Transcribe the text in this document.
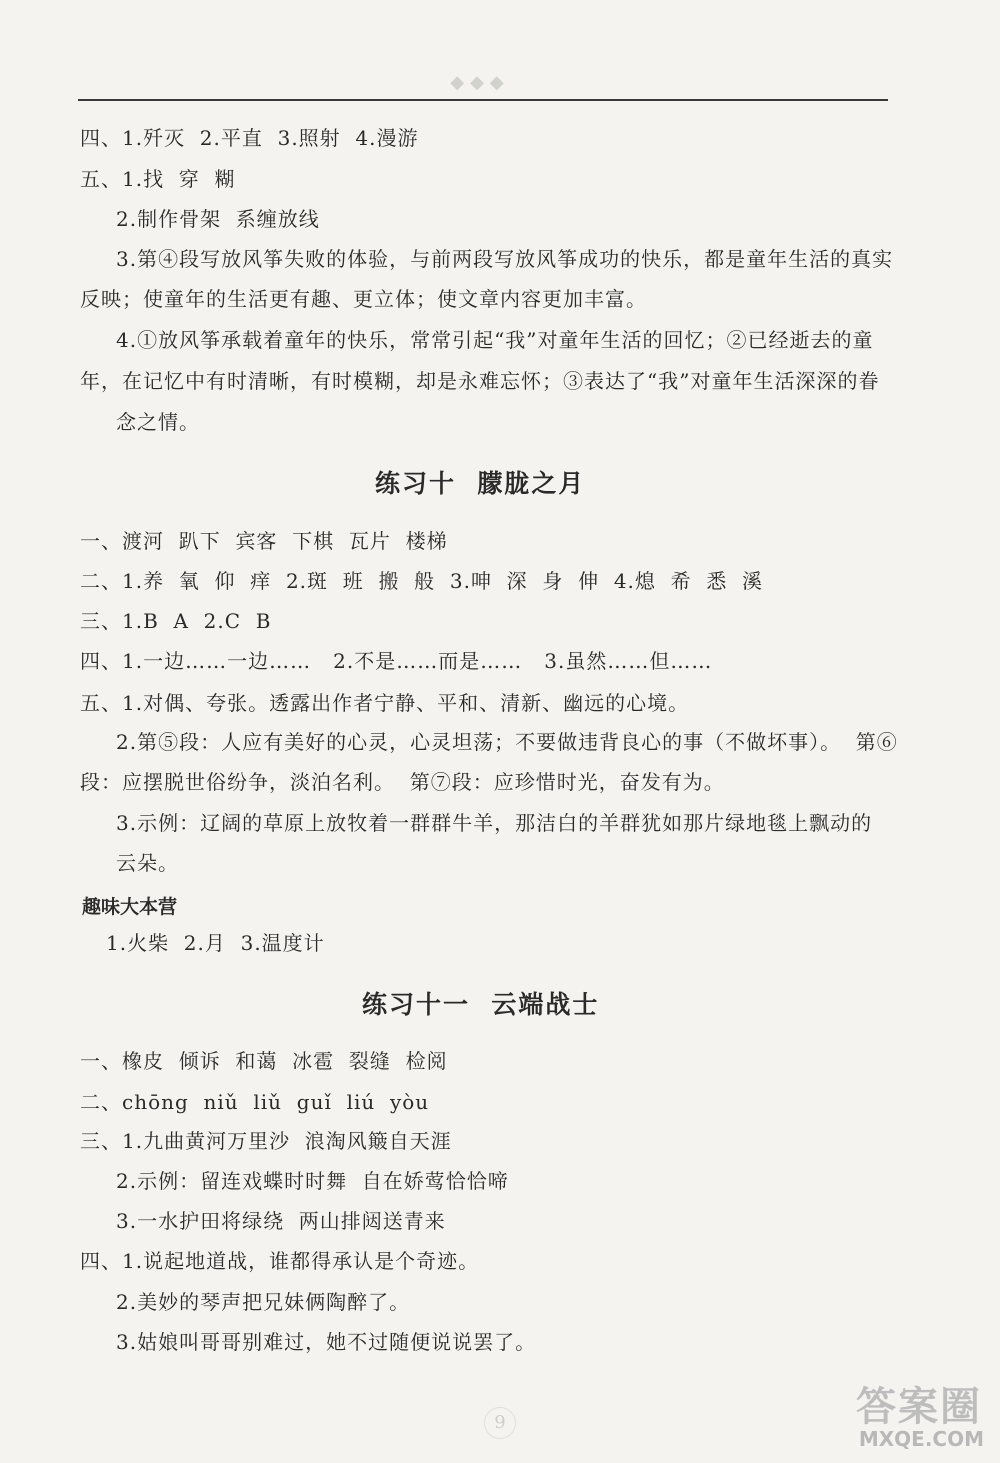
◆◆◆
四、1.歼灭  2.平直  3.照射  4.漫游
五、1.找  穿  糊
2.制作骨架  系缠放线
3.第④段写放风筝失败的体验，与前两段写放风筝成功的快乐，都是童年生活的真实
反映；使童年的生活更有趣、更立体；使文章内容更加丰富。
4.①放风筝承载着童年的快乐，常常引起“我”对童年生活的回忆；②已经逝去的童
年，在记忆中有时清晰，有时模糊，却是永难忘怀；③表达了“我”对童年生活深深的眷
念之情。
练习十  朦胧之月
一、渡河  趴下  宾客  下棋  瓦片  楼梯
二、1.养  氧  仰  痒  2.斑  班  搬  般  3.呻  深  身  伸  4.熄  希  悉  溪
三、1.B  A  2.C  B
四、1.一边……一边……   2.不是……而是……   3.虽然……但……
五、1.对偶、夸张。透露出作者宁静、平和、清新、幽远的心境。
2.第⑤段：人应有美好的心灵，心灵坦荡；不要做违背良心的事（不做坏事）。  第⑥
段：应摆脱世俗纷争，淡泊名利。  第⑦段：应珍惜时光，奋发有为。
3.示例：辽阔的草原上放牧着一群群牛羊，那洁白的羊群犹如那片绿地毯上飘动的
云朵。
趣味大本营
1.火柴  2.月  3.温度计
练习十一  云端战士
一、橡皮  倾诉  和蔼  冰雹  裂缝  检阅
二、chōng  niǔ  liǔ  guǐ  liú  yòu
三、1.九曲黄河万里沙  浪淘风簸自天涯
2.示例：留连戏蝶时时舞  自在娇莺恰恰啼
3.一水护田将绿绕  两山排闼送青来
四、1.说起地道战，谁都得承认是个奇迹。
2.美妙的琴声把兄妹俩陶醉了。
3.姑娘叫哥哥别难过，她不过随便说说罢了。
9	答案圈
MXQE.COM
